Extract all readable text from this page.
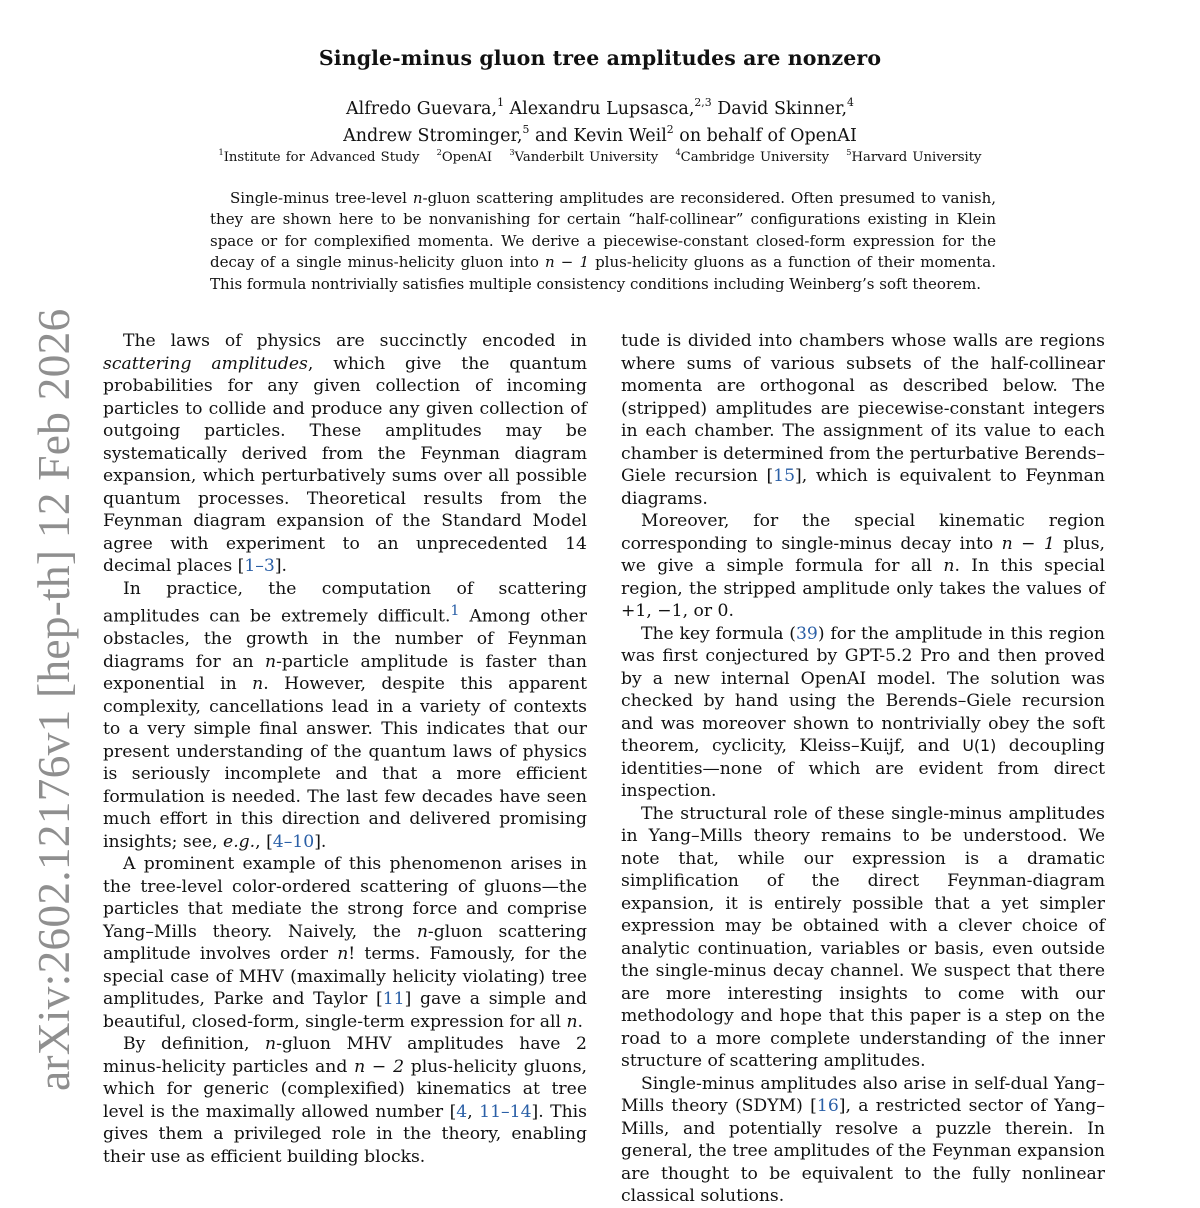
Single-minus gluon tree amplitudes are nonzero
Alfredo Guevara,$^1$ Alexandru Lupsasca,$^{2,3}$ David Skinner,$^4$
Andrew Strominger,$^5$ and Kevin Weil$^2$ on behalf of OpenAI
$^1$Institute for Advanced Study $^2$OpenAI $^3$Vanderbilt University $^4$Cambridge University $^5$Harvard University
Single-minus tree-level n-gluon scattering amplitudes are reconsidered. Often presumed to vanish, they are shown here to be nonvanishing for certain “half-collinear” configurations existing in Klein space or for complexified momenta. We derive a piecewise-constant closed-form expression for the decay of a single minus-helicity gluon into n − 1 plus-helicity gluons as a function of their momenta. This formula nontrivially satisfies multiple consistency conditions including Weinberg’s soft theorem.
arXiv:2602.12176v1 [hep-th] 12 Feb 2026	The laws of physics are succinctly encoded in scattering amplitudes, which give the quantum probabilities for any given collection of incoming particles to collide and produce any given collection of outgoing particles. These amplitudes may be systematically derived from the Feynman diagram expansion, which perturbatively sums over all possible quantum processes. Theoretical results from the Feynman diagram expansion of the Standard Model agree with experiment to an unprecedented 14 decimal places [1–3].

In practice, the computation of scattering amplitudes can be extremely difficult.$^1$ Among other obstacles, the growth in the number of Feynman diagrams for an n-particle amplitude is faster than exponential in n. However, despite this apparent complexity, cancellations lead in a variety of contexts to a very simple final answer. This indicates that our present understanding of the quantum laws of physics is seriously incomplete and that a more efficient formulation is needed. The last few decades have seen much effort in this direction and delivered promising insights; see, e.g., [4–10].

A prominent example of this phenomenon arises in the tree-level color-ordered scattering of gluons—the particles that mediate the strong force and comprise Yang–Mills theory. Naively, the n-gluon scattering amplitude involves order n! terms. Famously, for the special case of MHV (maximally helicity violating) tree amplitudes, Parke and Taylor [11] gave a simple and beautiful, closed-form, single-term expression for all n.

By definition, n-gluon MHV amplitudes have 2 minus-helicity particles and n − 2 plus-helicity gluons, which for generic (complexified) kinematics at tree level is the maximally allowed number [4, 11–14]. This gives them a privileged role in the theory, enabling their use as efficient building blocks.

tude is divided into chambers whose walls are regions where sums of various subsets of the half-collinear momenta are orthogonal as described below. The (stripped) amplitudes are piecewise-constant integers in each chamber. The assignment of its value to each chamber is determined from the perturbative Berends–Giele recursion [15], which is equivalent to Feynman diagrams.

Moreover, for the special kinematic region corresponding to single-minus decay into n − 1 plus, we give a simple formula for all n. In this special region, the stripped amplitude only takes the values of +1, −1, or 0.

The key formula (39) for the amplitude in this region was first conjectured by GPT-5.2 Pro and then proved by a new internal OpenAI model. The solution was checked by hand using the Berends–Giele recursion and was moreover shown to nontrivially obey the soft theorem, cyclicity, Kleiss–Kuijf, and U(1) decoupling identities—none of which are evident from direct inspection.

The structural role of these single-minus amplitudes in Yang–Mills theory remains to be understood. We note that, while our expression is a dramatic simplification of the direct Feynman-diagram expansion, it is entirely possible that a yet simpler expression may be obtained with a clever choice of analytic continuation, variables or basis, even outside the single-minus decay channel. We suspect that there are more interesting insights to come with our methodology and hope that this paper is a step on the road to a more complete understanding of the inner structure of scattering amplitudes.

Single-minus amplitudes also arise in self-dual Yang–Mills theory (SDYM) [16], a restricted sector of Yang–Mills, and potentially resolve a puzzle therein. In general, the tree amplitudes of the Feynman expansion are thought to be equivalent to the fully nonlinear classical solutions.
